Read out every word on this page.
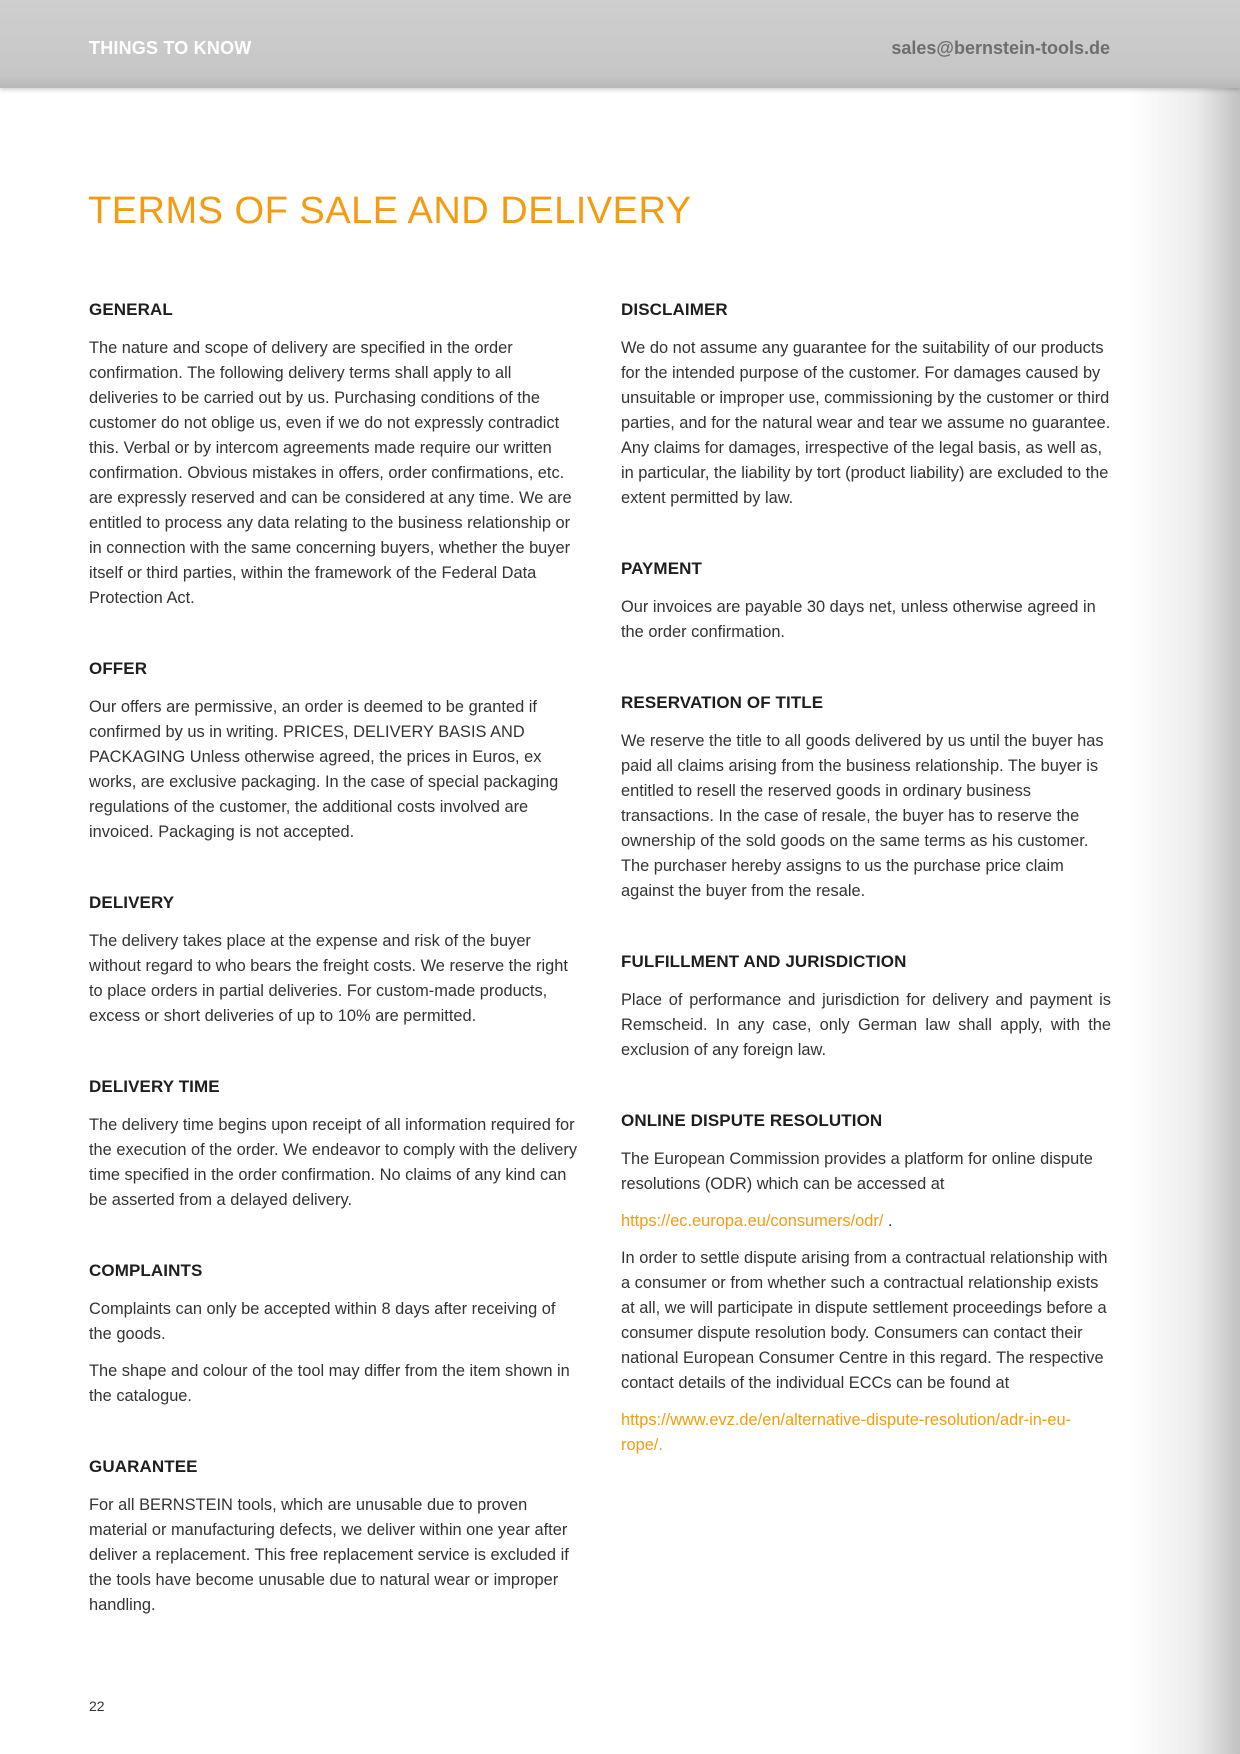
THINGS TO KNOW	sales@bernstein-tools.de
TERMS OF SALE AND DELIVERY
GENERAL

The nature and scope of delivery are specified in the order confirmation. The following delivery terms shall apply to all deliveries to be carried out by us. Purchasing conditions of the customer do not oblige us, even if we do not expressly contradict this. Verbal or by intercom agreements made require our written confirmation. Obvious mistakes in offers, order confirmations, etc. are expressly reserved and can be considered at any time. We are entitled to process any data relating to the business relationship or in connection with the same concerning buyers, whether the buyer itself or third parties, within the framework of the Federal Data Protection Act.

OFFER

Our offers are permissive, an order is deemed to be granted if confirmed by us in writing. PRICES, DELIVERY BASIS AND PACKAGING Unless otherwise agreed, the prices in Euros, ex works, are exclusive packaging. In the case of special packaging regulations of the customer, the additional costs involved are invoiced. Packaging is not accepted.

DELIVERY

The delivery takes place at the expense and risk of the buyer without regard to who bears the freight costs. We reserve the right to place orders in partial deliveries. For custom-made products, excess or short deliveries of up to 10% are permitted.

DELIVERY TIME

The delivery time begins upon receipt of all information required for the execution of the order. We endeavor to comply with the delivery time specified in the order confirmation. No claims of any kind can be asserted from a delayed delivery.

COMPLAINTS

Complaints can only be accepted within 8 days after receiving of the goods.

The shape and colour of the tool may differ from the item shown in the catalogue.

GUARANTEE

For all BERNSTEIN tools, which are unusable due to proven material or manufacturing defects, we deliver within one year after deliver a replacement. This free replacement service is excluded if the tools have become unusable due to natural wear or improper handling.

DISCLAIMER

We do not assume any guarantee for the suitability of our products for the intended purpose of the customer. For damages caused by unsuitable or improper use, commissioning by the customer or third parties, and for the natural wear and tear we assume no guarantee. Any claims for damages, irrespective of the legal basis, as well as, in particular, the liability by tort (product liability) are excluded to the extent permitted by law.

PAYMENT

Our invoices are payable 30 days net, unless otherwise agreed in the order confirmation.

RESERVATION OF TITLE

We reserve the title to all goods delivered by us until the buyer has paid all claims arising from the business relationship. The buyer is entitled to resell the reserved goods in ordinary business transactions. In the case of resale, the buyer has to reserve the ownership of the sold goods on the same terms as his customer. The purchaser hereby assigns to us the purchase price claim against the buyer from the resale.

FULFILLMENT AND JURISDICTION

Place of performance and jurisdiction for delivery and payment is Remscheid. In any case, only German law shall apply, with the exclusion of any foreign law.

ONLINE DISPUTE RESOLUTION

The European Commission provides a platform for online dispute resolutions (ODR) which can be accessed at

https://ec.europa.eu/consumers/odr/ .

In order to settle dispute arising from a contractual relationship with a consumer or from whether such a contractual relationship exists at all, we will participate in dispute settlement proceedings before a consumer dispute resolution body. Consumers can contact their national European Consumer Centre in this regard. The respective contact details of the individual ECCs can be found at

https://www.evz.de/en/alternative-dispute-resolution/adr-in-eu-rope/.
22
